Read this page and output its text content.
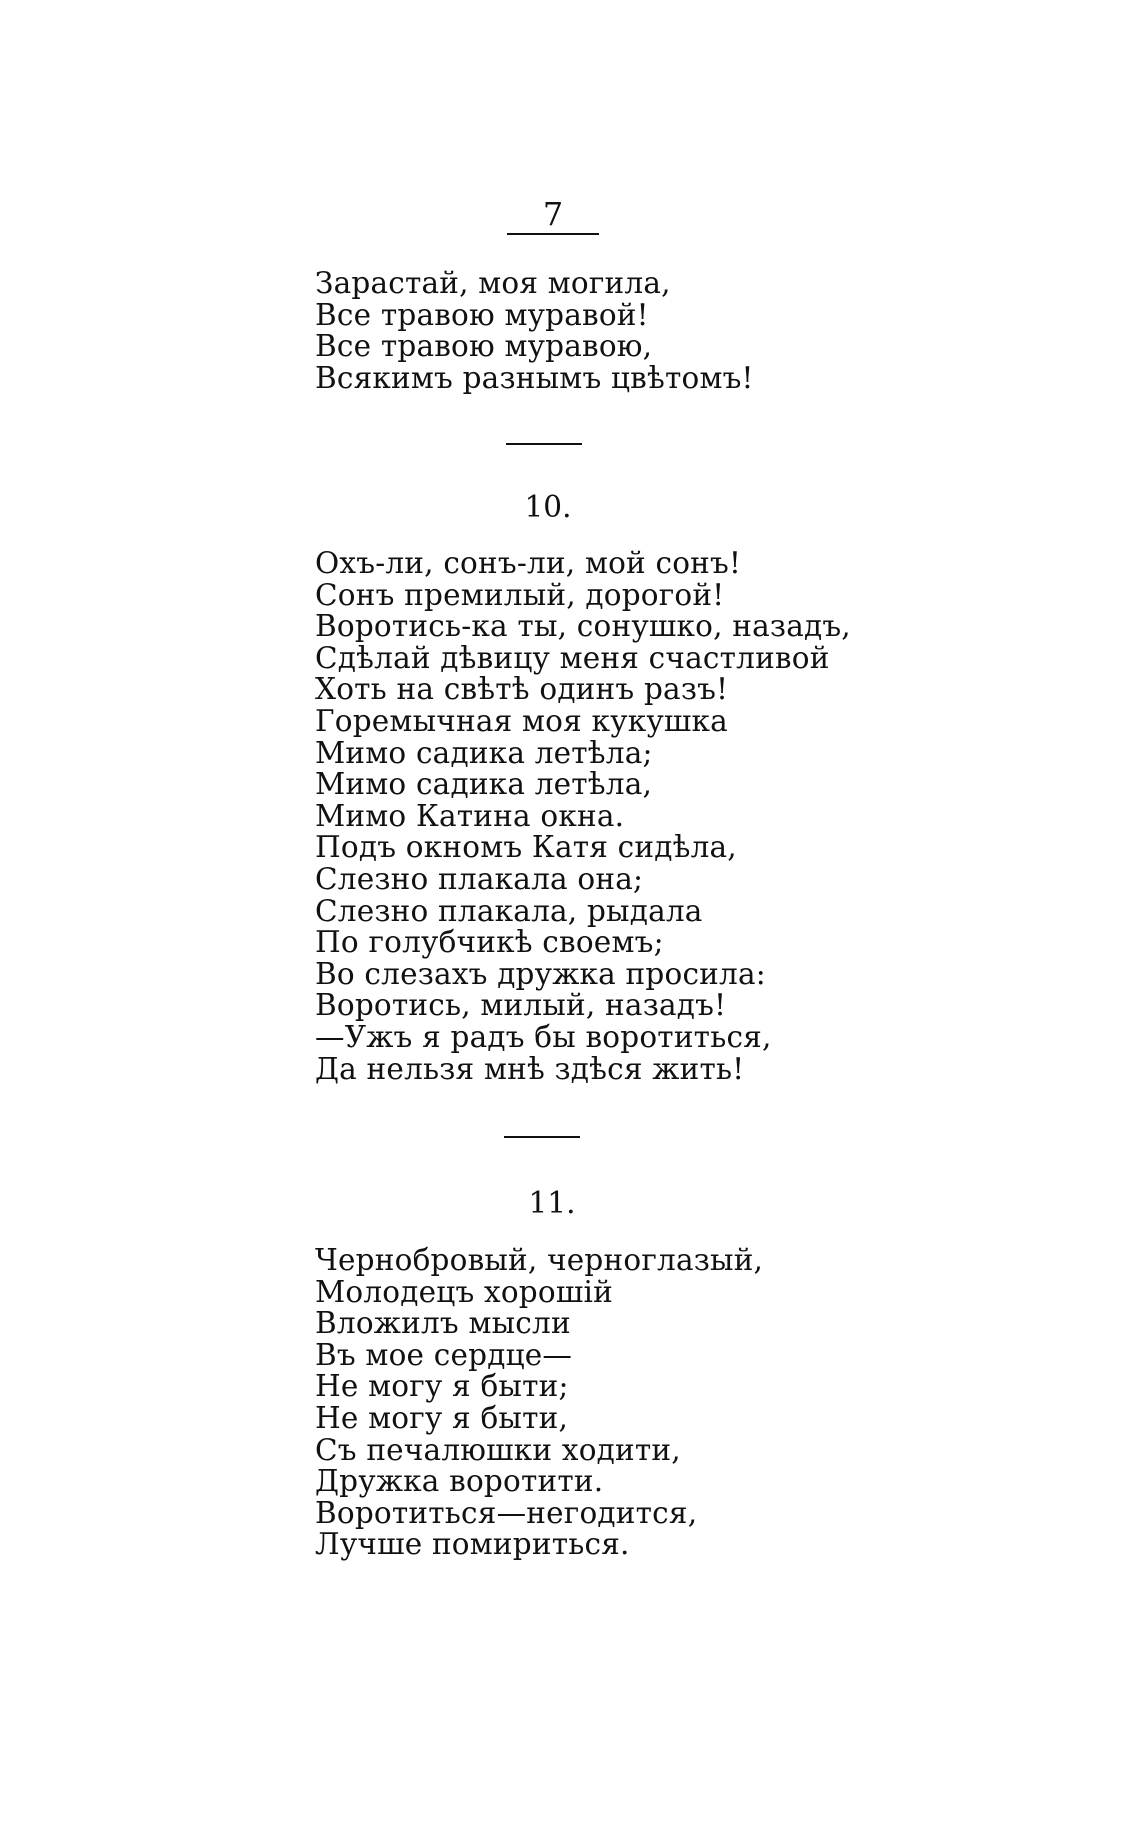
7
Зарастай, моя могила,
Все травою муравой!
Все травою муравою,
Всякимъ разнымъ цвѣтомъ!
10.
Охъ-ли, сонъ-ли, мой сонъ!
Сонъ премилый, дорогой!
Воротись-ка ты, сонушко, назадъ,
Сдѣлай дѣвицу меня счастливой
Хоть на свѣтѣ одинъ разъ!
Горемычная моя кукушка
Мимо садика летѣла;
Мимо садика летѣла,
Мимо Катина окна.
Подъ окномъ Катя сидѣла,
Слезно плакала она;
Слезно плакала, рыдала
По голубчикѣ своемъ;
Во слезахъ дружка просила:
Воротись, милый, назадъ!
—Ужъ я радъ бы воротиться,
Да нельзя мнѣ здѣся жить!
11.
Чернобровый, черноглазый,
Молодецъ хорошій
Вложилъ мысли
Въ мое сердце—
Не могу я быти;
Не могу я быти,
Съ печалюшки ходити,
Дружка воротити.
Воротиться—негодится,
Лучше помириться.
